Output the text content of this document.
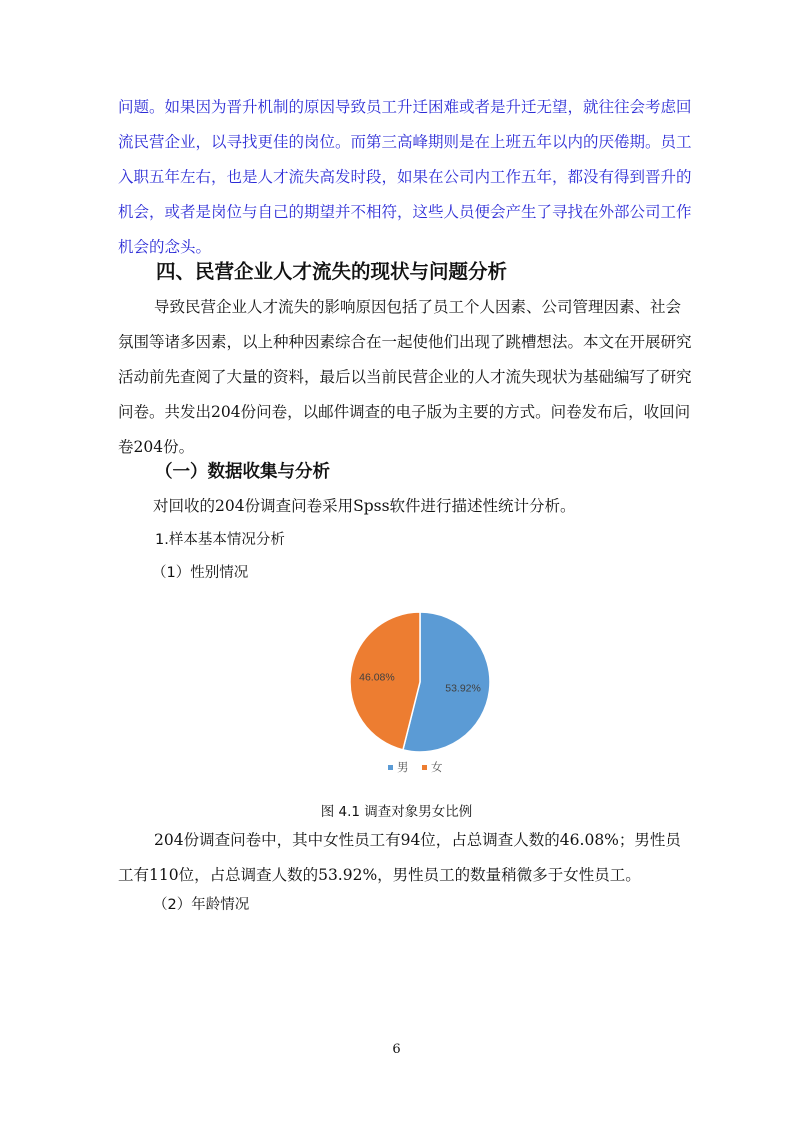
问题。如果因为晋升机制的原因导致员工升迁困难或者是升迁无望，就往往会考虑回流民营企业，以寻找更佳的岗位。而第三高峰期则是在上班五年以内的厌倦期。员工入职五年左右，也是人才流失高发时段，如果在公司内工作五年，都没有得到晋升的机会，或者是岗位与自己的期望并不相符，这些人员便会产生了寻找在外部公司工作机会的念头。

四、民营企业人才流失的现状与问题分析

导致民营企业人才流失的影响原因包括了员工个人因素、公司管理因素、社会氛围等诸多因素，以上种种因素综合在一起使他们出现了跳槽想法。本文在开展研究活动前先查阅了大量的资料，最后以当前民营企业的人才流失现状为基础编写了研究问卷。共发出204份问卷，以邮件调查的电子版为主要的方式。问卷发布后，收回问卷204份。

（一）数据收集与分析
对回收的204份调查问卷采用Spss软件进行描述性统计分析。
1.样本基本情况分析
（1）性别情况
53.92%
46.08%
男 女
图 4.1 调查对象男女比例

204份调查问卷中，其中女性员工有94位，占总调查人数的46.08%；男性员工有110位，占总调查人数的53.92%，男性员工的数量稍微多于女性员工。

（2）年龄情况
6
